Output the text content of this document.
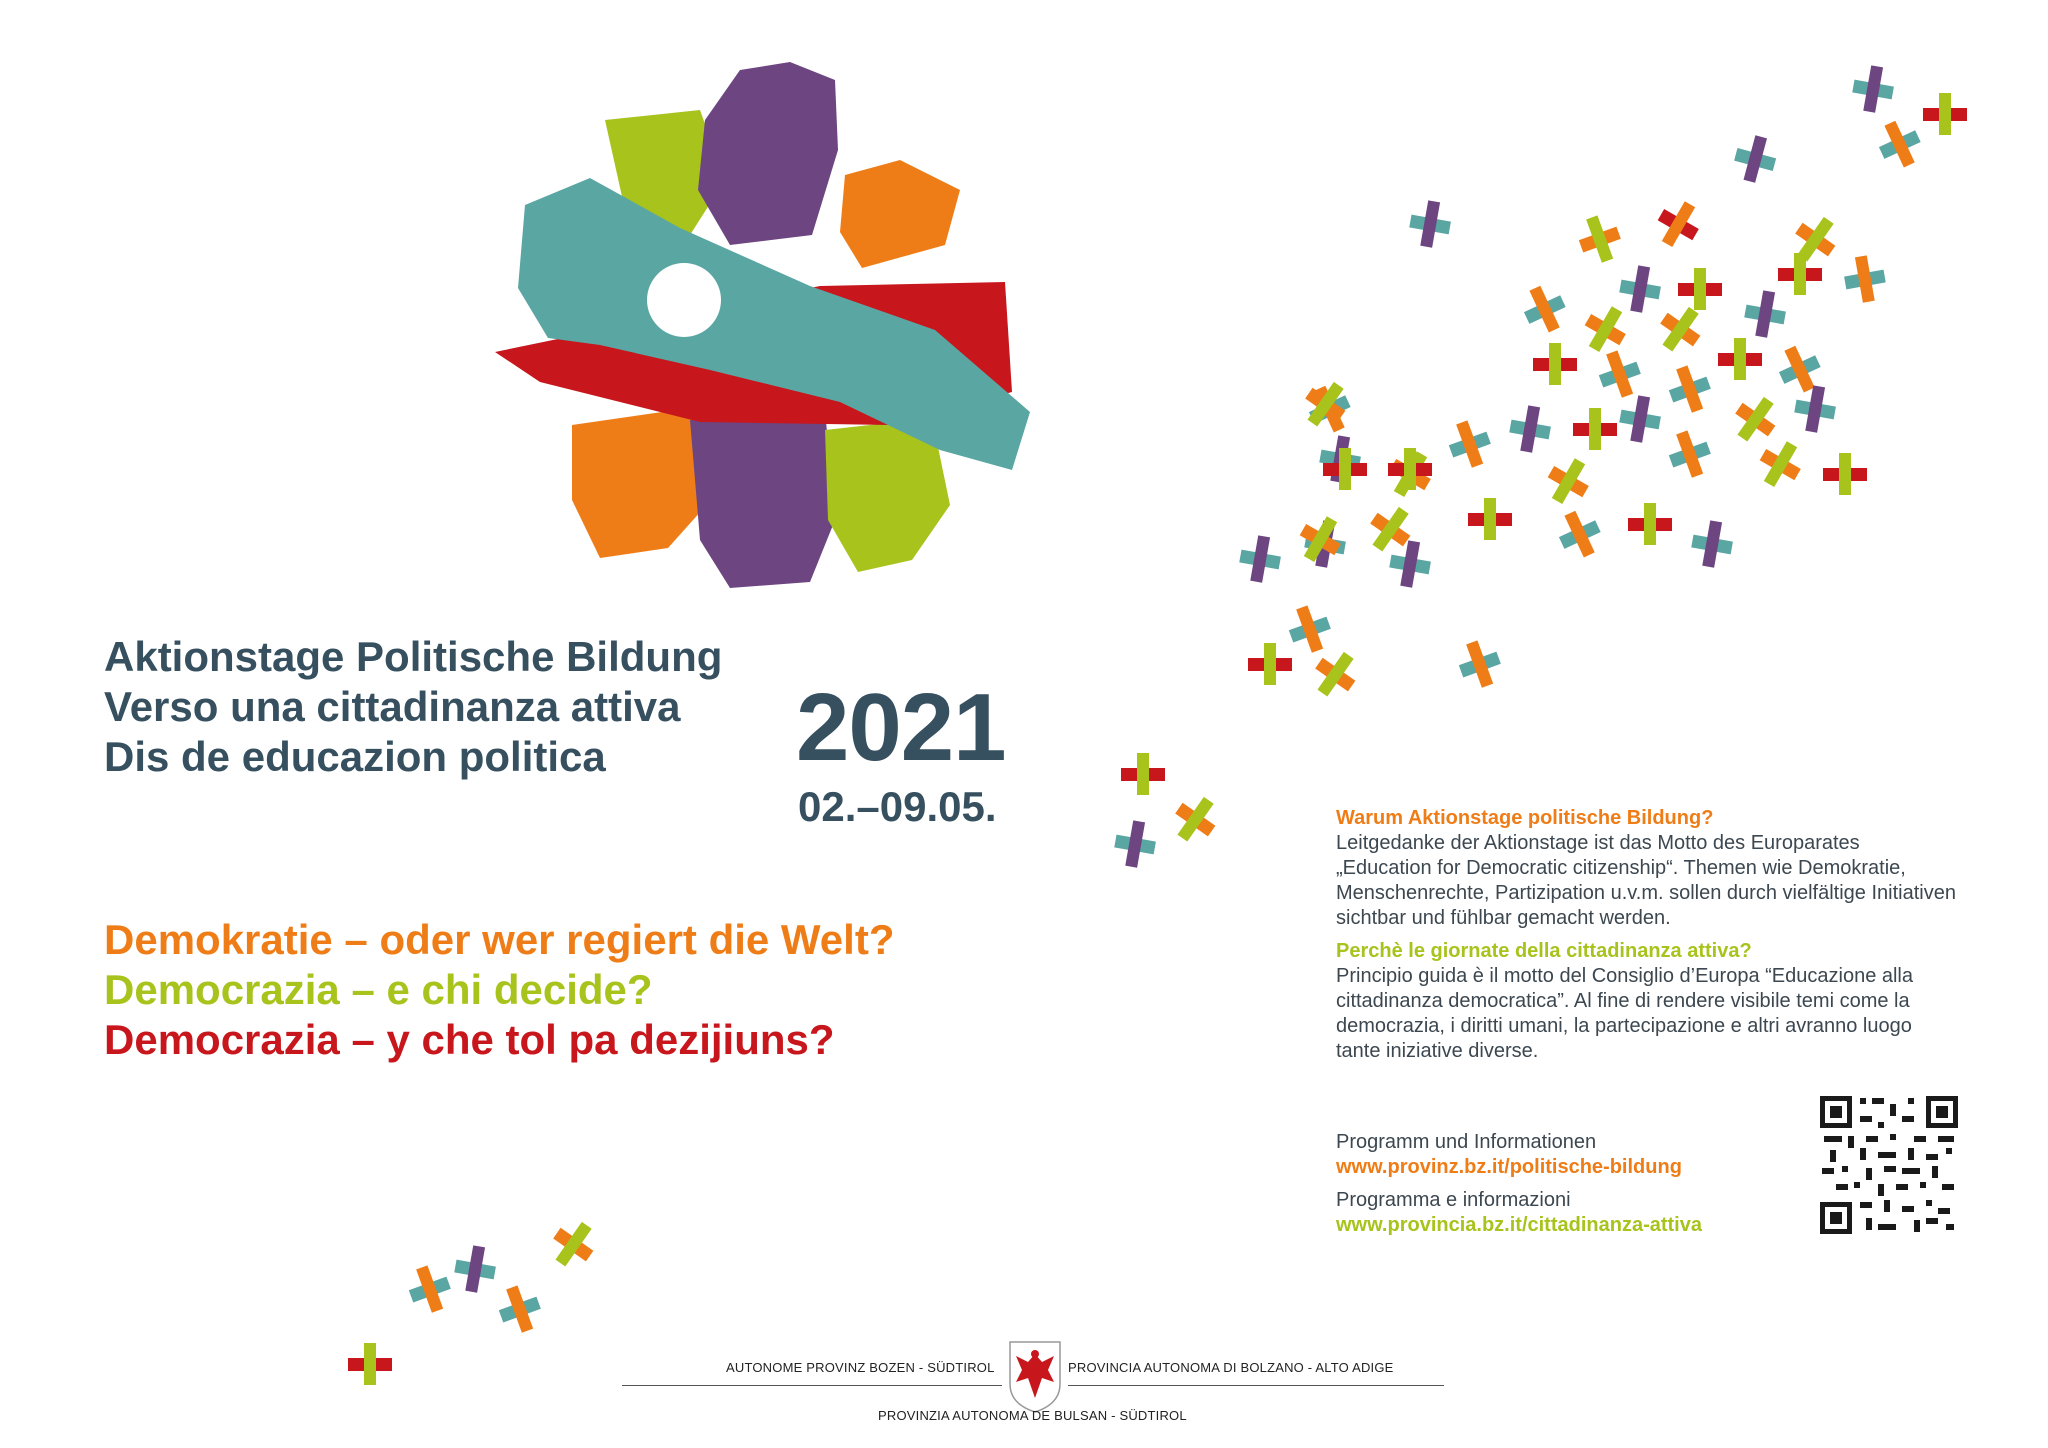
Aktionstage Politische Bildung
Verso una cittadinanza attiva
Dis de educazion politica	2021
02.–09.05.
Demokratie – oder wer regiert die Welt?
Democrazia – e chi decide?
Democrazia – y che tol pa dezijiuns?
Warum Aktionstage politische Bildung?
Leitgedanke der Aktionstage ist das Motto des Europarates „Education for Democratic citizenship“. Themen wie Demokratie, Menschenrechte, Partizipation u.v.m. sollen durch vielfältige Initiativen sichtbar und fühlbar gemacht werden.
Perchè le giornate della cittadinanza attiva?
Principio guida è il motto del Consiglio d’Europa “Educazione alla cittadinanza democratica”. Al fine di rendere visibile temi come la democrazia, i diritti umani, la partecipazione e altri avranno luogo tante iniziative diverse.
Programm und Informationen
www.provinz.bz.it/politische-bildung
Programma e informazioni
www.provincia.bz.it/cittadinanza-attiva
AUTONOME PROVINZ BOZEN - SÜDTIROL	PROVINCIA AUTONOMA DI BOLZANO - ALTO ADIGE
PROVINZIA AUTONOMA DE BULSAN - SÜDTIROL
